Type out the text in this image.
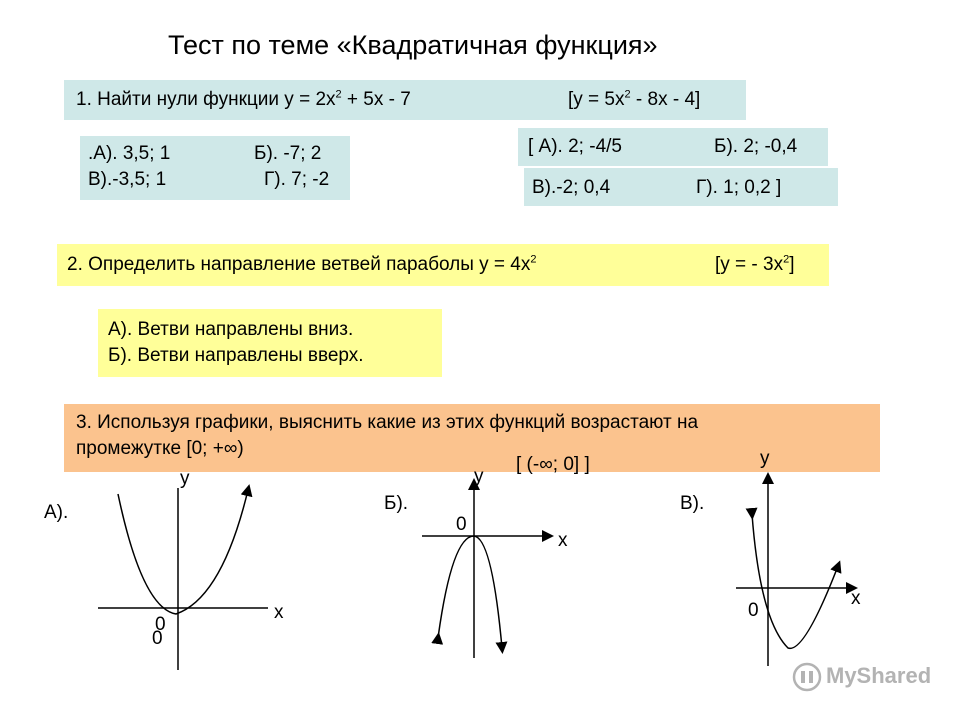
Тест по теме «Квадратичная функция»
1. Найти нули функции $у = 2х^2 + 5х - 7$	$[у = 5х^2 - 8х - 4]$
.А). 3,5; 1	Б). -7; 2
В).-3,5; 1	Г). 7; -2
[ А). 2; -4/5	Б). 2; -0,4
В).-2; 0,4	Г). 1; 0,2 ]
2. Определить направление ветвей параболы $у = 4х^2$	[у = - $3х^2$]
А). Ветви направлены вниз.
Б). Ветви направлены вверх.
3. Используя графики, выяснить какие из этих функций возрастают на
промежутке [0; +∞)
[ (-∞; 0] ]
А).
у
х
0
0
Б).
у
х
0
В).
у
х
0
MyShared
